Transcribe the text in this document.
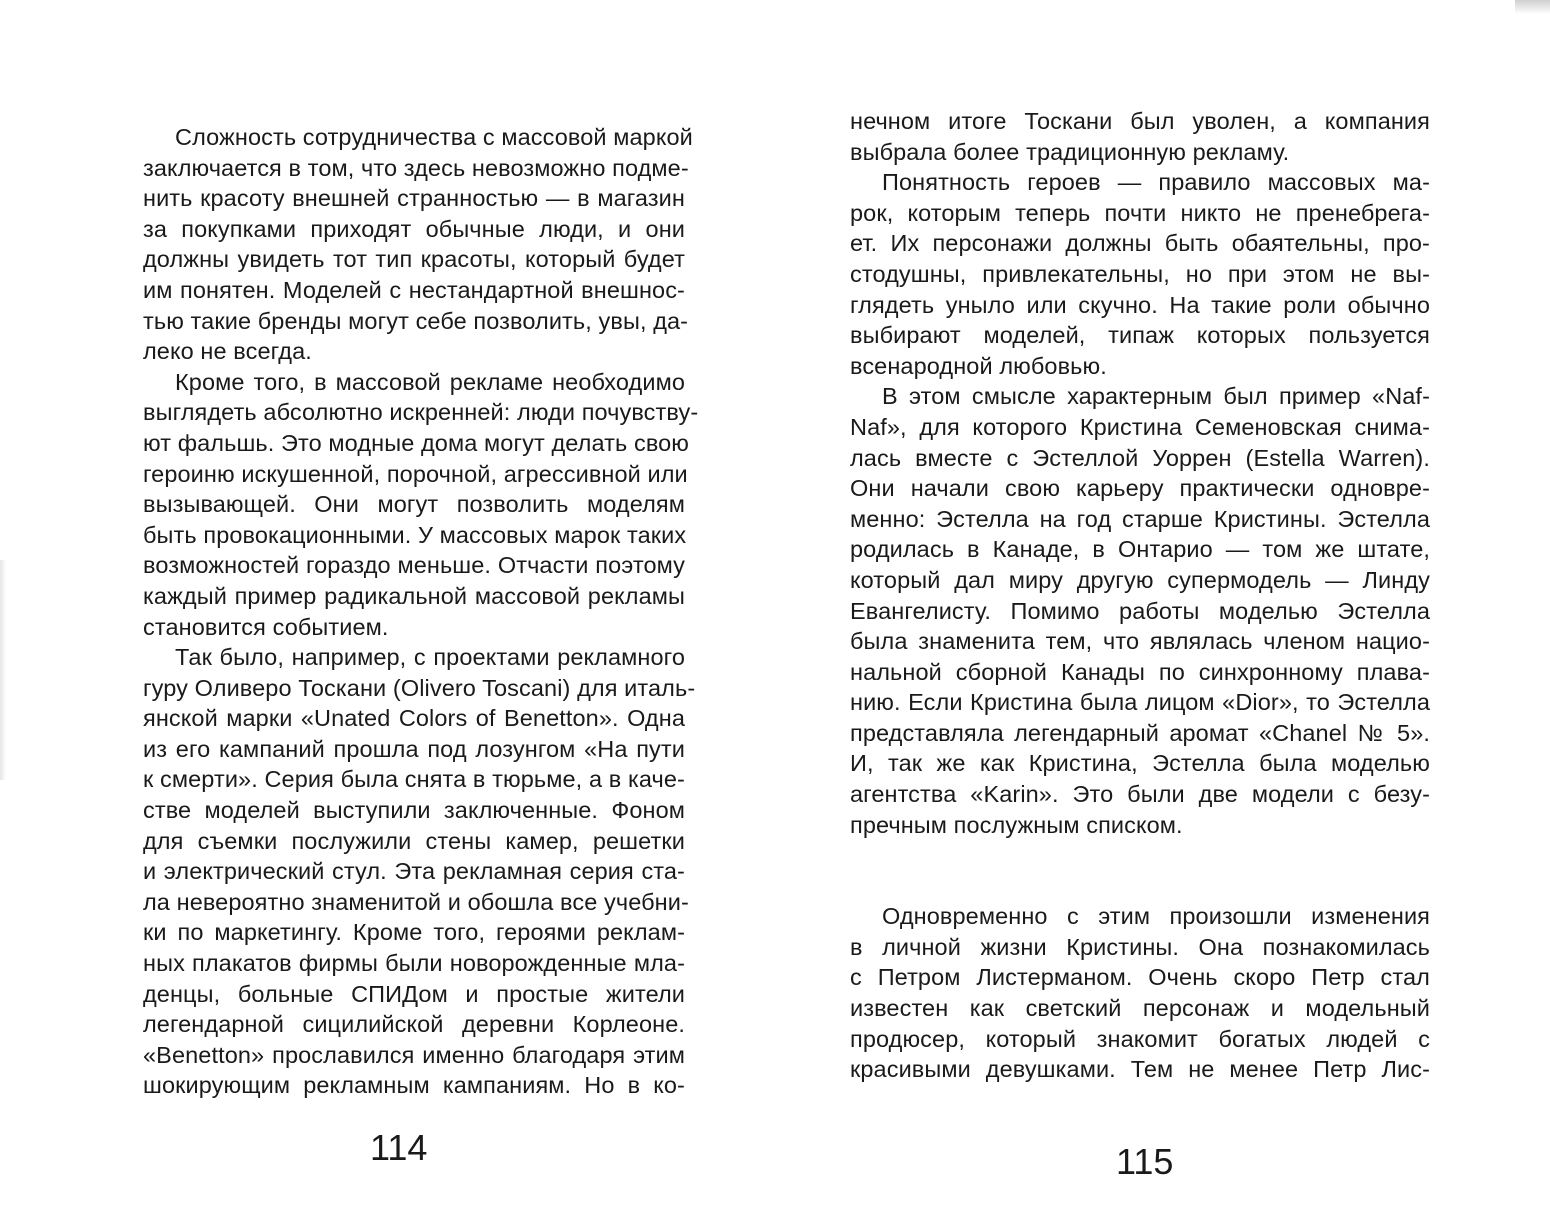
Сложность сотрудничества с массовой маркой
заключается в том, что здесь невозможно подме-
нить красоту внешней странностью — в магазин
за покупками приходят обычные люди, и они
должны увидеть тот тип красоты, который будет
им понятен. Моделей с нестандартной внешнос-
тью такие бренды могут себе позволить, увы, да-
леко не всегда.
Кроме того, в массовой рекламе необходимо
выглядеть абсолютно искренней: люди почувству-
ют фальшь. Это модные дома могут делать свою
героиню искушенной, порочной, агрессивной или
вызывающей. Они могут позволить моделям
быть провокационными. У массовых марок таких
возможностей гораздо меньше. Отчасти поэтому
каждый пример радикальной массовой рекламы
становится событием.
Так было, например, с проектами рекламного
гуру Оливеро Тоскани (Olivero Toscani) для италь-
янской марки «Unated Colors of Benetton». Одна
из его кампаний прошла под лозунгом «На пути
к смерти». Серия была снята в тюрьме, а в каче-
стве моделей выступили заключенные. Фоном
для съемки послужили стены камер, решетки
и электрический стул. Эта рекламная серия ста-
ла невероятно знаменитой и обошла все учебни-
ки по маркетингу. Кроме того, героями реклам-
ных плакатов фирмы были новорожденные мла-
денцы, больные СПИДом и простые жители
легендарной сицилийской деревни Корлеоне.
«Benetton» прославился именно благодаря этим
шокирующим рекламным кампаниям. Но в ко-
114
нечном итоге Тоскани был уволен, а компания
выбрала более традиционную рекламу.
Понятность героев — правило массовых ма-
рок, которым теперь почти никто не пренебрега-
ет. Их персонажи должны быть обаятельны, про-
стодушны, привлекательны, но при этом не вы-
глядеть уныло или скучно. На такие роли обычно
выбирают моделей, типаж которых пользуется
всенародной любовью.
В этом смысле характерным был пример «Naf-
Naf», для которого Кристина Семеновская снима-
лась вместе с Эстеллой Уоррен (Estella Warren).
Они начали свою карьеру практически одновре-
менно: Эстелла на год старше Кристины. Эстелла
родилась в Канаде, в Онтарио — том же штате,
который дал миру другую супермодель — Линду
Евангелисту. Помимо работы моделью Эстелла
была знаменита тем, что являлась членом нацио-
нальной сборной Канады по синхронному плава-
нию. Если Кристина была лицом «Dior», то Эстелла
представляла легендарный аромат «Chanel № 5».
И, так же как Кристина, Эстелла была моделью
агентства «Karin». Это были две модели с безу-
пречным послужным списком.
Одновременно с этим произошли изменения
в личной жизни Кристины. Она познакомилась
с Петром Листерманом. Очень скоро Петр стал
известен как светский персонаж и модельный
продюсер, который знакомит богатых людей с
красивыми девушками. Тем не менее Петр Лис-
115
